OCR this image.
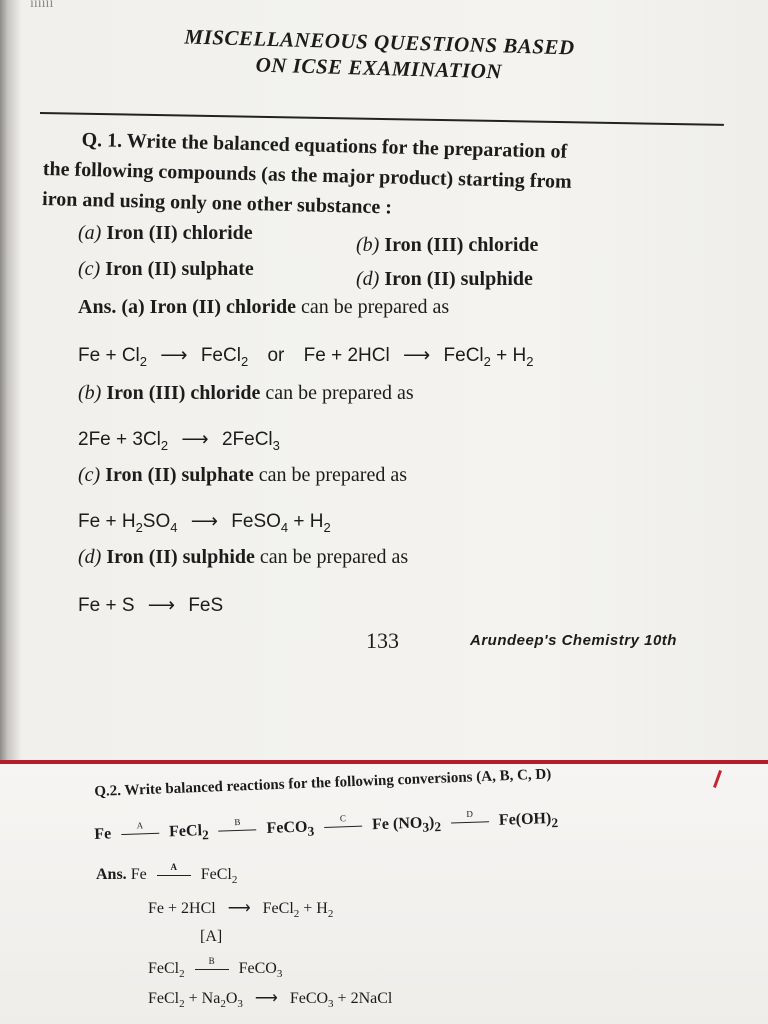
ıııııı
MISCELLANEOUS QUESTIONS BASED
ON ICSE EXAMINATION
Q. 1. Write the balanced equations for the preparation of
the following compounds (as the major product) starting from
iron and using only one other substance :
(a) Iron (II) chloride
(b) Iron (III) chloride
(c) Iron (II) sulphate	(d) Iron (II) sulphide
Ans. (a) Iron (II) chloride can be prepared as
$Fe + Cl_2$ ⟶ FeCl$_2$ or Fe + 2HCl ⟶ FeCl$_2$ + $H_2$
(b) Iron (III) chloride can be prepared as
$2Fe + 3Cl_2$ ⟶ 2FeCl$_3$
(c) Iron (II) sulphate can be prepared as
$Fe + H_2SO_4$ ⟶ FeSO$_4$ + $H_2$
(d) Iron (II) sulphide can be prepared as
Fe + S ⟶ FeS
133	Arundeep's Chemistry 10th
Q.2. Write balanced reactions for the following conversions (A, B, C, D)
Fe
A	FeCl$_2$
B	FeCO$_3$
C	Fe $(NO_3)_2$
D	$Fe(OH)_2$
Ans. Fe	A	FeCl$_2$
Fe + 2HCl ⟶ FeCl$_2$ + $H_2$
[A]
FeCl$_2$
B	FeCO$_3$
FeCl$_2$ + $Na_2O_3$ ⟶ FeCO$_3$ + 2NaCl
